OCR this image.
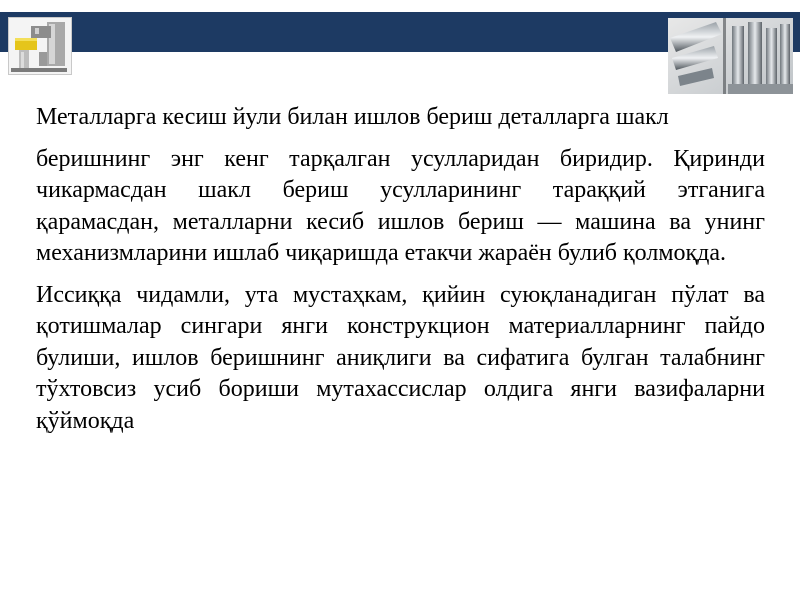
Металларга кесиш йули билан ишлов бериш деталларга шакл

беришнинг энг кенг тарқалган усулларидан биридир. Қиринди чикармасдан шакл бериш усулларининг тараққий этганига қарамасдан, металларни кесиб ишлов бериш — машина ва унинг механизмларини ишлаб чиқаришда етакчи жараён булиб қолмоқда.

Иссиққа чидамли, ута мустаҳкам, қийин суюқланадиган пўлат ва қотишмалар сингари янги конструкцион материалларнинг пайдо булиши, ишлов беришнинг аниқлиги ва сифатига булган талабнинг тўхтовсиз усиб бориши мутахассислар олдига янги вазифаларни қўймоқда
